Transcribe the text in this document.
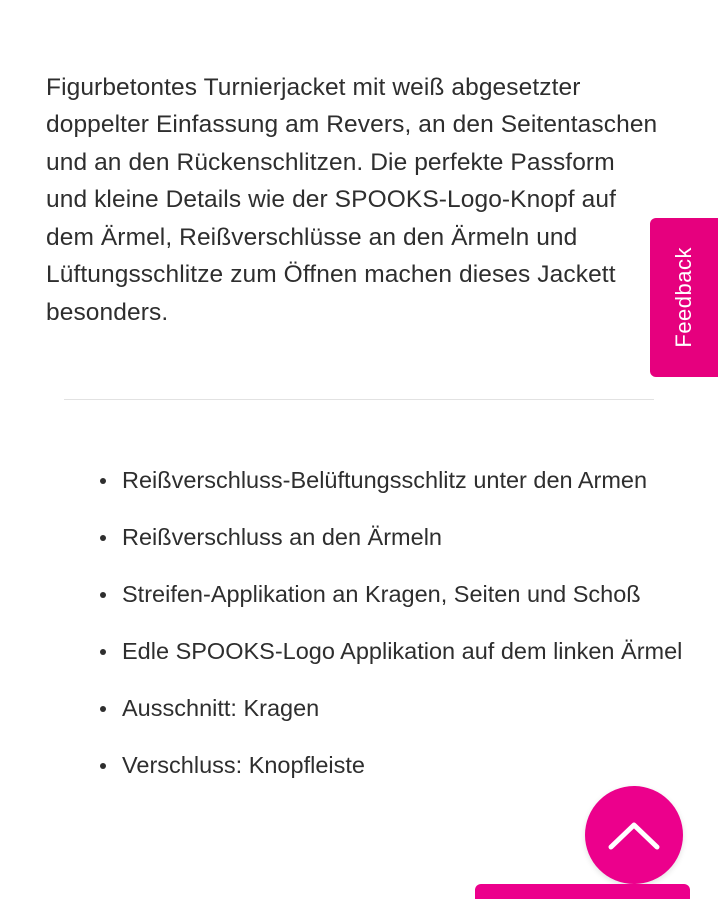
Figurbetontes Turnierjacket mit weiß abgesetzter doppelter Einfassung am Revers, an den Seitentaschen und an den Rückenschlitzen. Die perfekte Passform und kleine Details wie der SPOOKS-Logo-Knopf auf dem Ärmel, Reißverschlüsse an den Ärmeln und Lüftungsschlitze zum Öffnen machen dieses Jackett besonders.

Reißverschluss-Belüftungsschlitz unter den Armen
Reißverschluss an den Ärmeln
Streifen-Applikation an Kragen, Seiten und Schoß
Edle SPOOKS-Logo Applikation auf dem linken Ärmel
Ausschnitt: Kragen
Verschluss: Knopfleiste
Feedback
